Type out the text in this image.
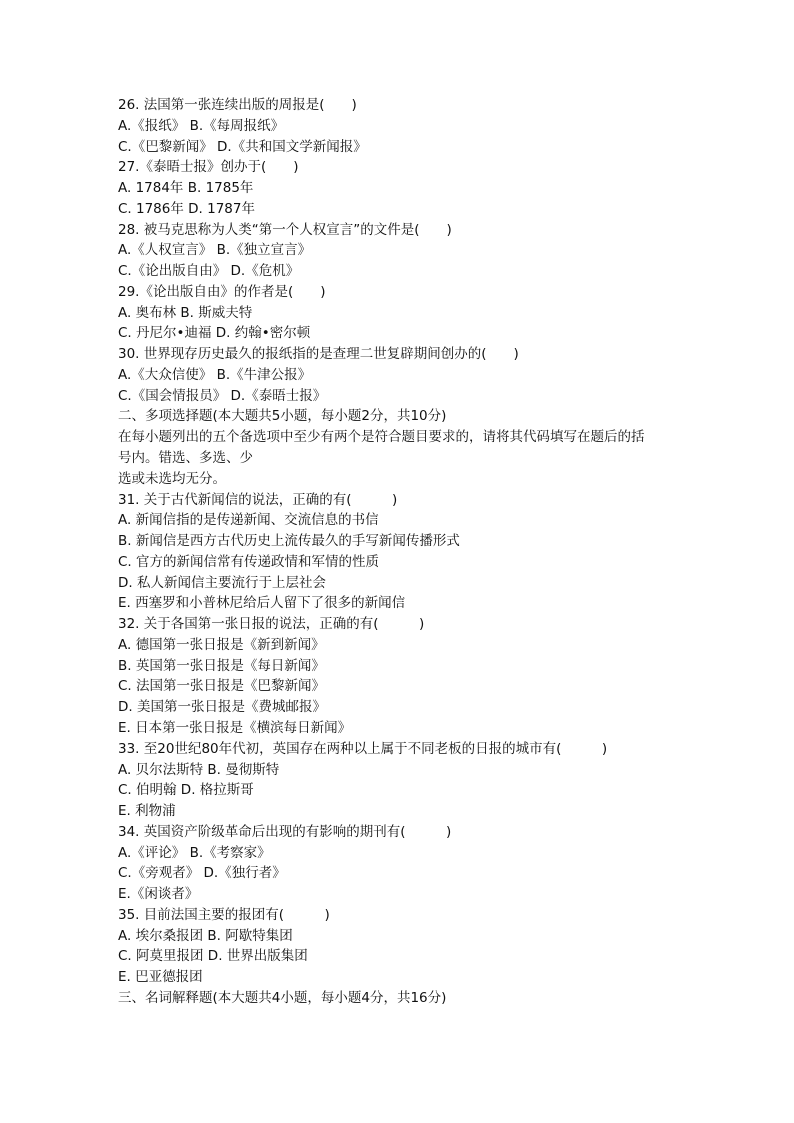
26. 法国第一张连续出版的周报是(　　)
A.《报纸》 B.《每周报纸》
C.《巴黎新闻》 D.《共和国文学新闻报》
27.《泰晤士报》创办于(　　)
A. 1784年 B. 1785年
C. 1786年 D. 1787年
28. 被马克思称为人类“第一个人权宣言”的文件是(　　)
A.《人权宣言》 B.《独立宣言》
C.《论出版自由》 D.《危机》
29.《论出版自由》的作者是(　　)
A. 奥布林 B. 斯威夫特
C. 丹尼尔•迪福 D. 约翰•密尔顿
30. 世界现存历史最久的报纸指的是查理二世复辟期间创办的(　　)
A.《大众信使》 B.《牛津公报》
C.《国会情报员》 D.《泰晤士报》
二、多项选择题(本大题共5小题，每小题2分，共10分)
在每小题列出的五个备选项中至少有两个是符合题目要求的，请将其代码填写在题后的括
号内。错选、多选、少
选或未选均无分。
31. 关于古代新闻信的说法，正确的有(　　　)
A. 新闻信指的是传递新闻、交流信息的书信
B. 新闻信是西方古代历史上流传最久的手写新闻传播形式
C. 官方的新闻信常有传递政情和军情的性质
D. 私人新闻信主要流行于上层社会
E. 西塞罗和小普林尼给后人留下了很多的新闻信
32. 关于各国第一张日报的说法，正确的有(　　　)
A. 德国第一张日报是《新到新闻》
B. 英国第一张日报是《每日新闻》
C. 法国第一张日报是《巴黎新闻》
D. 美国第一张日报是《费城邮报》
E. 日本第一张日报是《横滨每日新闻》
33. 至20世纪80年代初，英国存在两种以上属于不同老板的日报的城市有(　　　)
A. 贝尔法斯特 B. 曼彻斯特
C. 伯明翰 D. 格拉斯哥
E. 利物浦
34. 英国资产阶级革命后出现的有影响的期刊有(　　　)
A.《评论》 B.《考察家》
C.《旁观者》 D.《独行者》
E.《闲谈者》
35. 目前法国主要的报团有(　　　)
A. 埃尔桑报团 B. 阿歇特集团
C. 阿莫里报团 D. 世界出版集团
E. 巴亚德报团
三、名词解释题(本大题共4小题，每小题4分，共16分)
